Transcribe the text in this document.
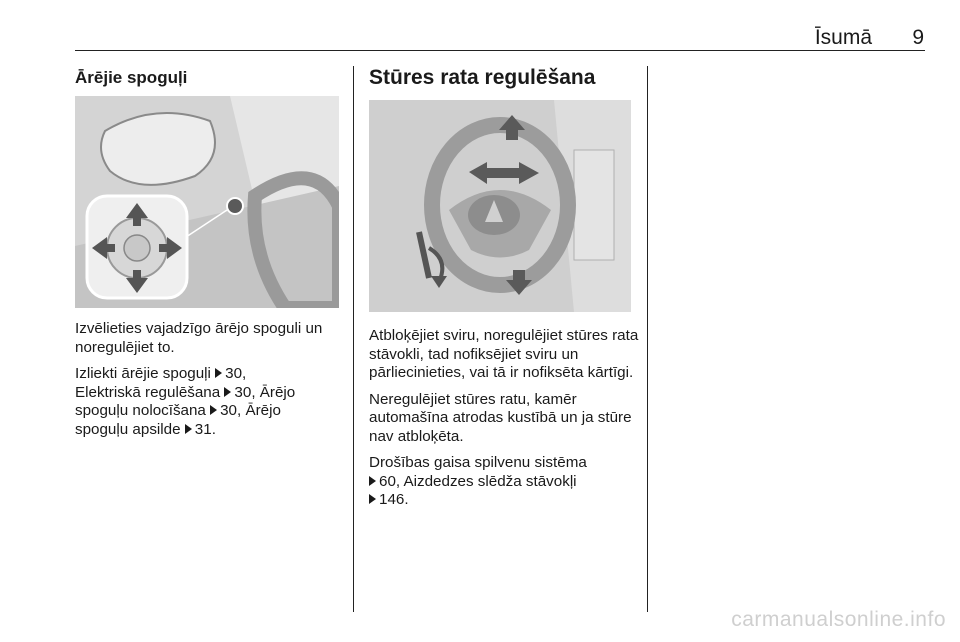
Īsumā 9
Ārējie spoguļi

Izvēlieties vajadzīgo ārējo spoguli un noregulējiet to.

Izliekti ārējie spoguļi 30,
Elektriskā regulēšana 30, Ārējo
spoguļu nolocīšana 30, Ārējo
spoguļu apsilde 31.

Stūres rata regulēšana

Atbloķējiet sviru, noregulējiet stūres rata stāvokli, tad nofiksējiet sviru un pārliecinieties, vai tā ir nofiksēta kārtīgi.

Neregulējiet stūres ratu, kamēr automašīna atrodas kustībā un ja stūre nav atbloķēta.

Drošības gaisa spilvenu sistēma
60, Aizdedzes slēdža stāvokļi
146.

carmanualsonline.info
